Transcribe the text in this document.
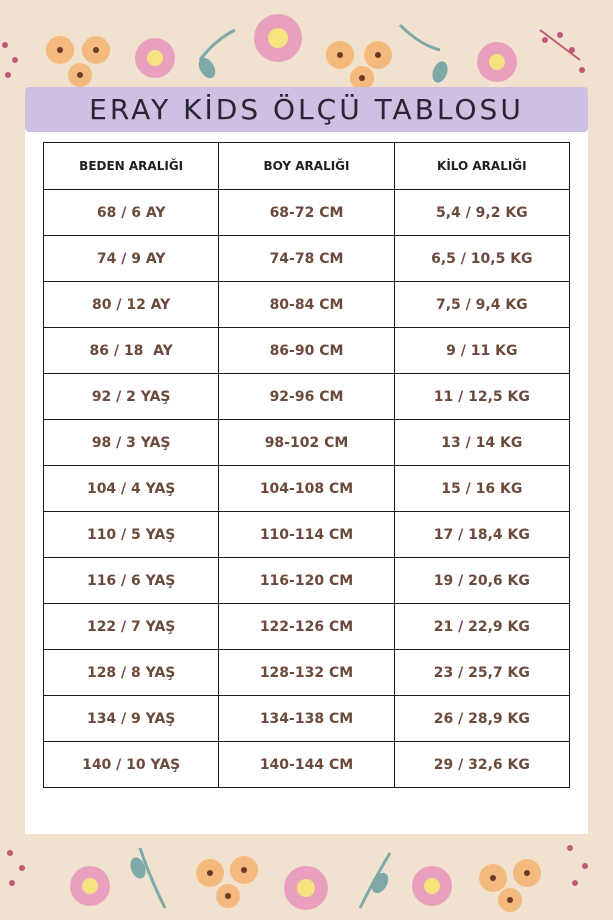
ERAY KİDS ÖLÇÜ TABLOSU
BEDEN ARALIĞI	BOY ARALIĞI	KİLO ARALIĞI
68 / 6 AY	68-72 CM	5,4 / 9,2 KG
74 / 9 AY	74-78 CM	6,5 / 10,5 KG
80 / 12 AY	80-84 CM	7,5 / 9,4 KG
86 / 18  AY	86-90 CM	9 / 11 KG
92 / 2 YAŞ	92-96 CM	11 / 12,5 KG
98 / 3 YAŞ	98-102 CM	13 / 14 KG
104 / 4 YAŞ	104-108 CM	15 / 16 KG
110 / 5 YAŞ	110-114 CM	17 / 18,4 KG
116 / 6 YAŞ	116-120 CM	19 / 20,6 KG
122 / 7 YAŞ	122-126 CM	21 / 22,9 KG
128 / 8 YAŞ	128-132 CM	23 / 25,7 KG
134 / 9 YAŞ	134-138 CM	26 / 28,9 KG
140 / 10 YAŞ	140-144 CM	29 / 32,6 KG
